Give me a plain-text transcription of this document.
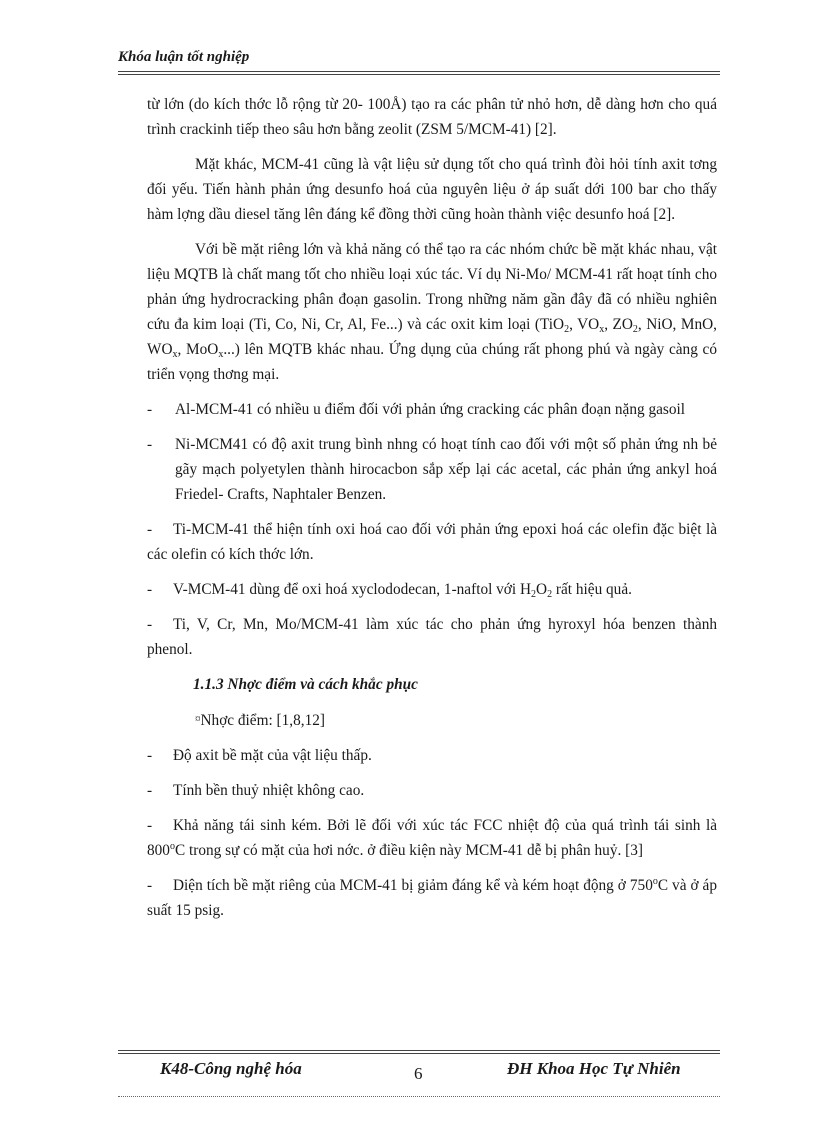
Khóa luận tốt nghiệp

từ lớn (do kích thớc lỗ rộng từ 20- 100Å) tạo ra các phân tử nhỏ hơn, dễ dàng hơn cho quá trình crackinh tiếp theo sâu hơn bằng zeolit (ZSM 5/MCM-41) [2].

Mặt khác, MCM-41 cũng là vật liệu sử dụng tốt cho quá trình đòi hỏi tính axit tơng đối yếu. Tiến hành phản ứng desunfo hoá của nguyên liệu ở áp suất dới 100 bar cho thấy hàm lợng dầu diesel tăng lên đáng kể đồng thời cũng hoàn thành việc desunfo hoá [2].

Với bề mặt riêng lớn và khả năng có thể tạo ra các nhóm chức bề mặt khác nhau, vật liệu MQTB là chất mang tốt cho nhiều loại xúc tác. Ví dụ Ni-Mo/ MCM-41 rất hoạt tính cho phản ứng hydrocracking phân đoạn gasolin. Trong những năm gần đây đã có nhiều nghiên cứu đa kim loại (Ti, Co, Ni, Cr, Al, Fe...) và các oxit kim loại (TiO$_2$, $VO_x$, $ZO_2$, NiO, MnO, $WO_x$, MoO$_x$...) lên MQTB khác nhau. Ứng dụng của chúng rất phong phú và ngày càng có triển vọng thơng mại.

-	Al-MCM-41 có nhiều u điểm đối với phản ứng cracking các phân đoạn nặng gasoil
-	Ni-MCM41 có độ axit trung bình nhng có hoạt tính cao đối với một số phản ứng nh bẻ gãy mạch polyetylen thành hirocacbon sắp xếp lại các acetal, các phản ứng ankyl hoá Friedel- Crafts, Naphtaler Benzen.

- Ti-MCM-41 thể hiện tính oxi hoá cao đối với phản ứng epoxi hoá các olefin đặc biệt là các olefin có kích thớc lớn.

- V-MCM-41 dùng để oxi hoá xyclododecan, 1-naftol với $H_2O_2$ rất hiệu quả.

- Ti, V, Cr, Mn, Mo/MCM-41 làm xúc tác cho phản ứng hyroxyl hóa benzen thành phenol.

1.1.3 Nhợc điểm và cách khắc phục
¤Nhợc điểm: [1,8,12]

- Độ axit bề mặt của vật liệu thấp.

- Tính bền thuỷ nhiệt không cao.

- Khả năng tái sinh kém. Bởi lẽ đối với xúc tác FCC nhiệt độ của quá trình tái sinh là 800$^o$C trong sự có mặt của hơi nớc. ở điều kiện này MCM-41 dễ bị phân huỷ. [3]

- Diện tích bề mặt riêng của MCM-41 bị giảm đáng kể và kém hoạt động ở 750$^o$C và ở áp suất 15 psig.

K48-Công nghệ hóa	6	ĐH Khoa Học Tự Nhiên
